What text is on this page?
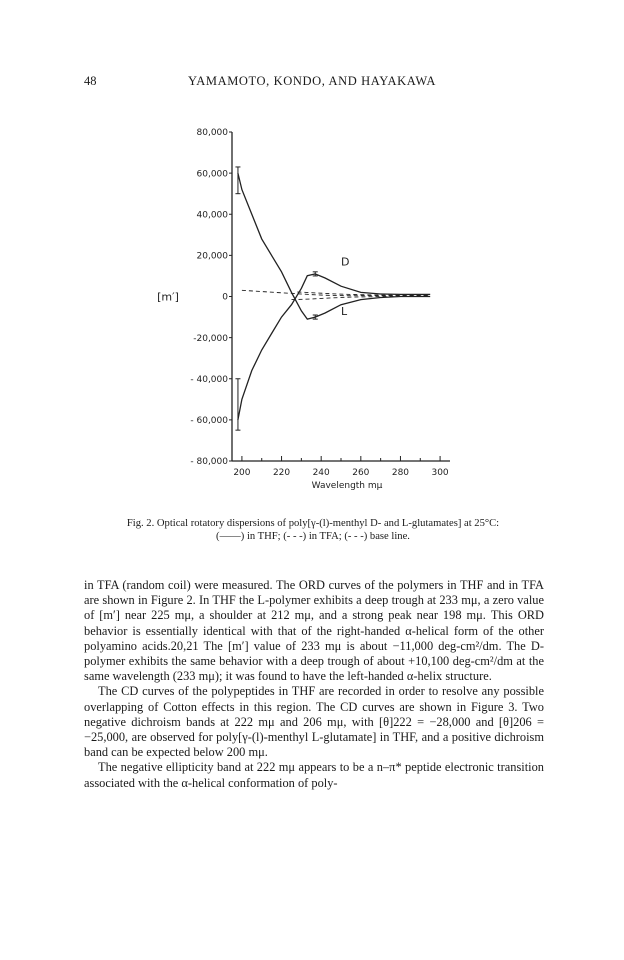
48	YAMAMOTO, KONDO, AND HAYAKAWA
80,000
60,000
40,000
20,000
0
-20,000
- 40,000
- 60,000
- 80,000
200 220 240 260 280 300
Wavelength mμ
[m′]
D
L
Fig. 2. Optical rotatory dispersions of poly[γ-(l)-menthyl D- and L-glutamates] at 25°C:
(——) in THF; (- - -) in TFA; (- - -) base line.

in TFA (random coil) were measured. The ORD curves of the polymers in THF and in TFA are shown in Figure 2. In THF the L-polymer exhibits a deep trough at 233 mμ, a zero value of [m′] near 225 mμ, a shoulder at 212 mμ, and a strong peak near 198 mμ. This ORD behavior is essentially identical with that of the right-handed α-helical form of the other polyamino acids.20,21 The [m′] value of 233 mμ is about −11,000 deg-cm²/dm. The D-polymer exhibits the same behavior with a deep trough of about +10,100 deg-cm²/dm at the same wavelength (233 mμ); it was found to have the left-handed α-helix structure.

The CD curves of the polypeptides in THF are recorded in order to resolve any possible overlapping of Cotton effects in this region. The CD curves are shown in Figure 3. Two negative dichroism bands at 222 mμ and 206 mμ, with [θ]222 = −28,000 and [θ]206 = −25,000, are observed for poly[γ-(l)-menthyl L-glutamate] in THF, and a positive dichroism band can be expected below 200 mμ.

The negative ellipticity band at 222 mμ appears to be a n–π* peptide electronic transition associated with the α-helical conformation of poly-
